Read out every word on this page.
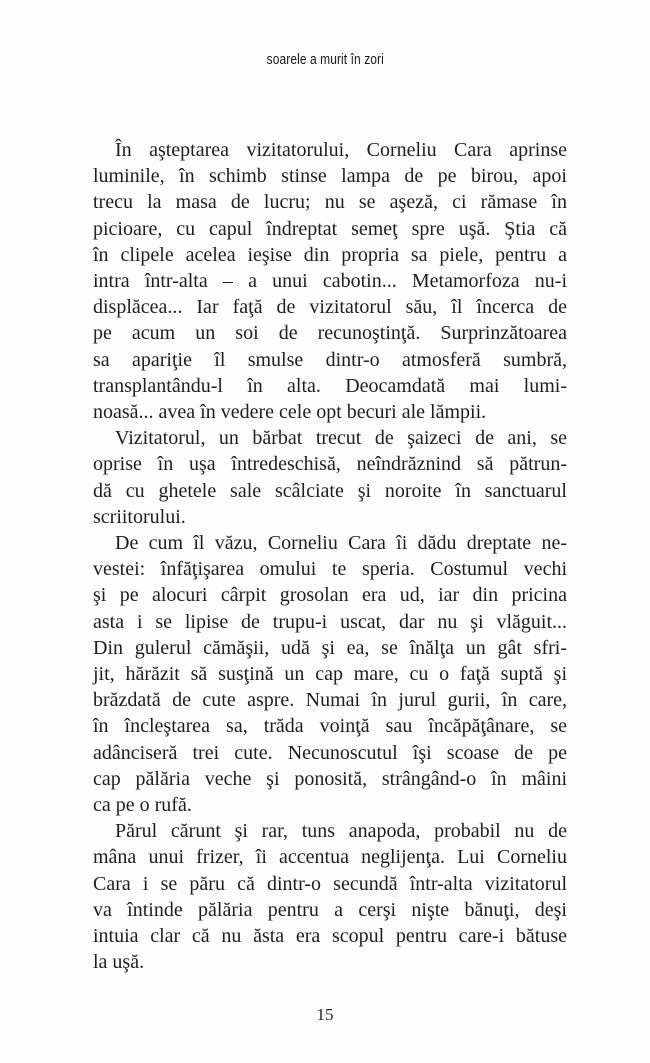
soarele a murit în zori
În aşteptarea vizitatorului, Corneliu Cara aprinse
luminile, în schimb stinse lampa de pe birou, apoi
trecu la masa de lucru; nu se aşeză, ci rămase în
picioare, cu capul îndreptat semeţ spre uşă. Ştia că
în clipele acelea ieşise din propria sa piele, pentru a
intra într-alta – a unui cabotin... Metamorfoza nu-i
displăcea... Iar faţă de vizitatorul său, îl încerca de
pe acum un soi de recunoştinţă. Surprinzătoarea
sa apariţie îl smulse dintr-o atmosferă sumbră,
transplantându-l în alta. Deocamdată mai lumi-
noasă... avea în vedere cele opt becuri ale lămpii.
Vizitatorul, un bărbat trecut de şaizeci de ani, se
oprise în uşa întredeschisă, neîndrăznind să pătrun-
dă cu ghetele sale scâlciate şi noroite în sanctuarul
scriitorului.
De cum îl văzu, Corneliu Cara îi dădu dreptate ne-
vestei: înfăţişarea omului te speria. Costumul vechi
şi pe alocuri cârpit grosolan era ud, iar din pricina
asta i se lipise de trupu-i uscat, dar nu şi vlăguit...
Din gulerul cămăşii, udă şi ea, se înălţa un gât sfri-
jit, hărăzit să susţină un cap mare, cu o faţă suptă şi
brăzdată de cute aspre. Numai în jurul gurii, în care,
în încleştarea sa, trăda voinţă sau încăpăţânare, se
adânciseră trei cute. Necunoscutul îşi scoase de pe
cap pălăria veche şi ponosită, strângând-o în mâini
ca pe o rufă.
Părul cărunt şi rar, tuns anapoda, probabil nu de
mâna unui frizer, îi accentua neglijenţa. Lui Corneliu
Cara i se păru că dintr-o secundă într-alta vizitatorul
va întinde pălăria pentru a cerşi nişte bănuţi, deşi
intuia clar că nu ăsta era scopul pentru care-i bătuse
la uşă.
15
